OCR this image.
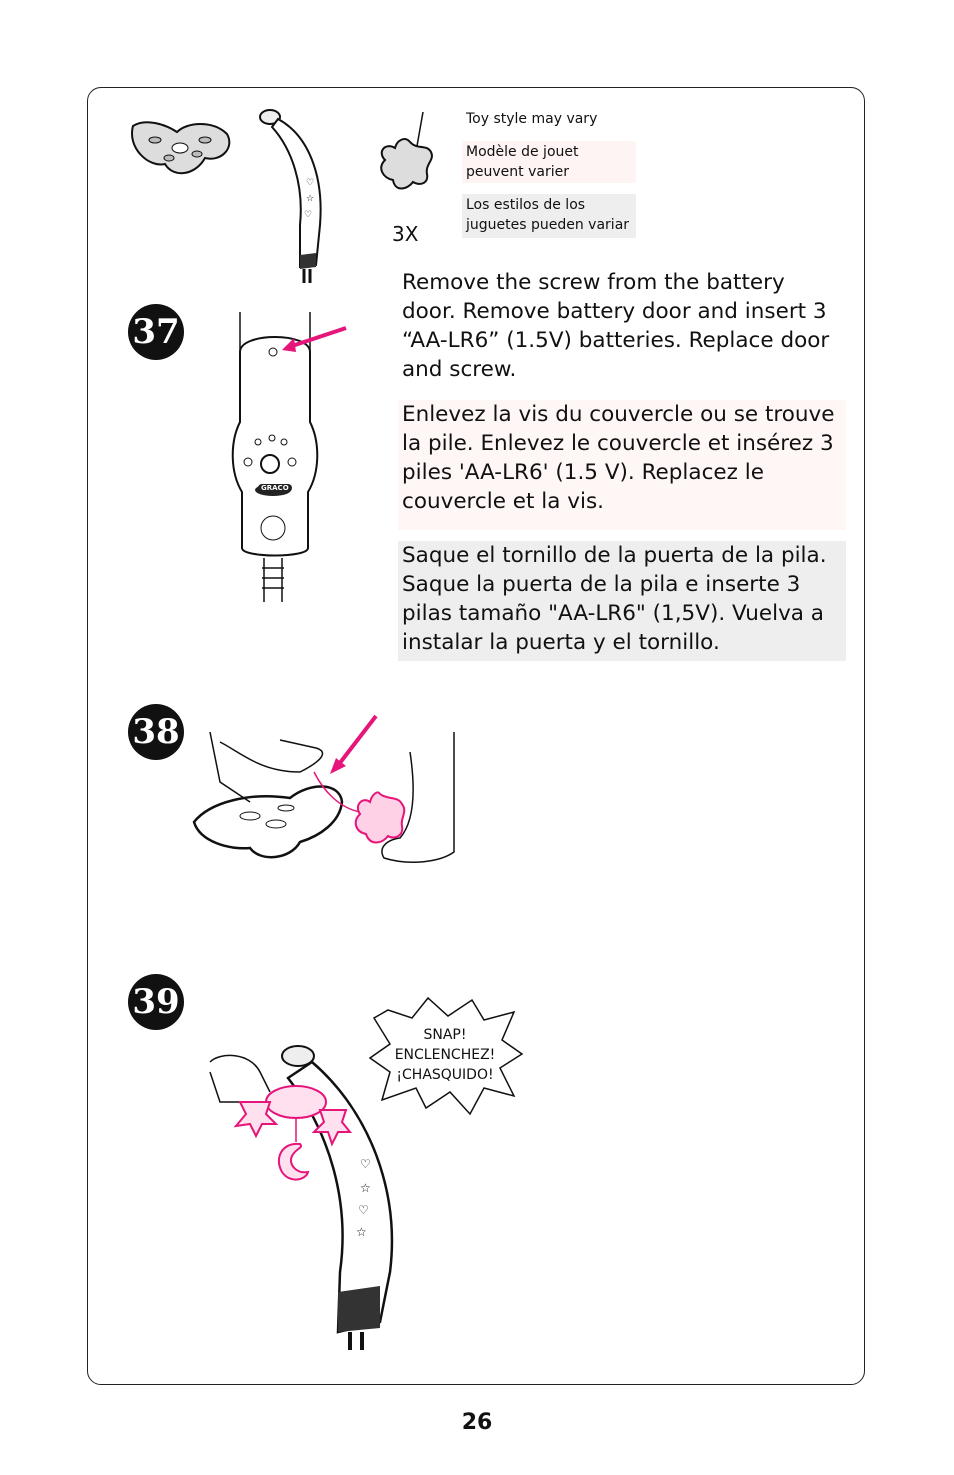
♡
☆
♡
3X
Toy style may vary
Modèle de jouet peuvent varier
Los estilos de los juguetes pueden variar
37
GRACO
Remove the screw from the battery door. Remove battery door and insert 3 “AA-LR6” (1.5V) batteries. Replace door and screw.
Enlevez la vis du couvercle ou se trouve la pile. Enlevez le couvercle et insérez 3 piles 'AA-LR6' (1.5 V). Replacez le couvercle et la vis.
Saque el tornillo de la puerta de la pila. Saque la puerta de la pila e inserte 3 pilas tamaño "AA-LR6" (1,5V). Vuelva a instalar la puerta y el tornillo.
38
39
SNAP!
ENCLENCHEZ!
¡CHASQUIDO!
♡
☆
♡
☆
26
